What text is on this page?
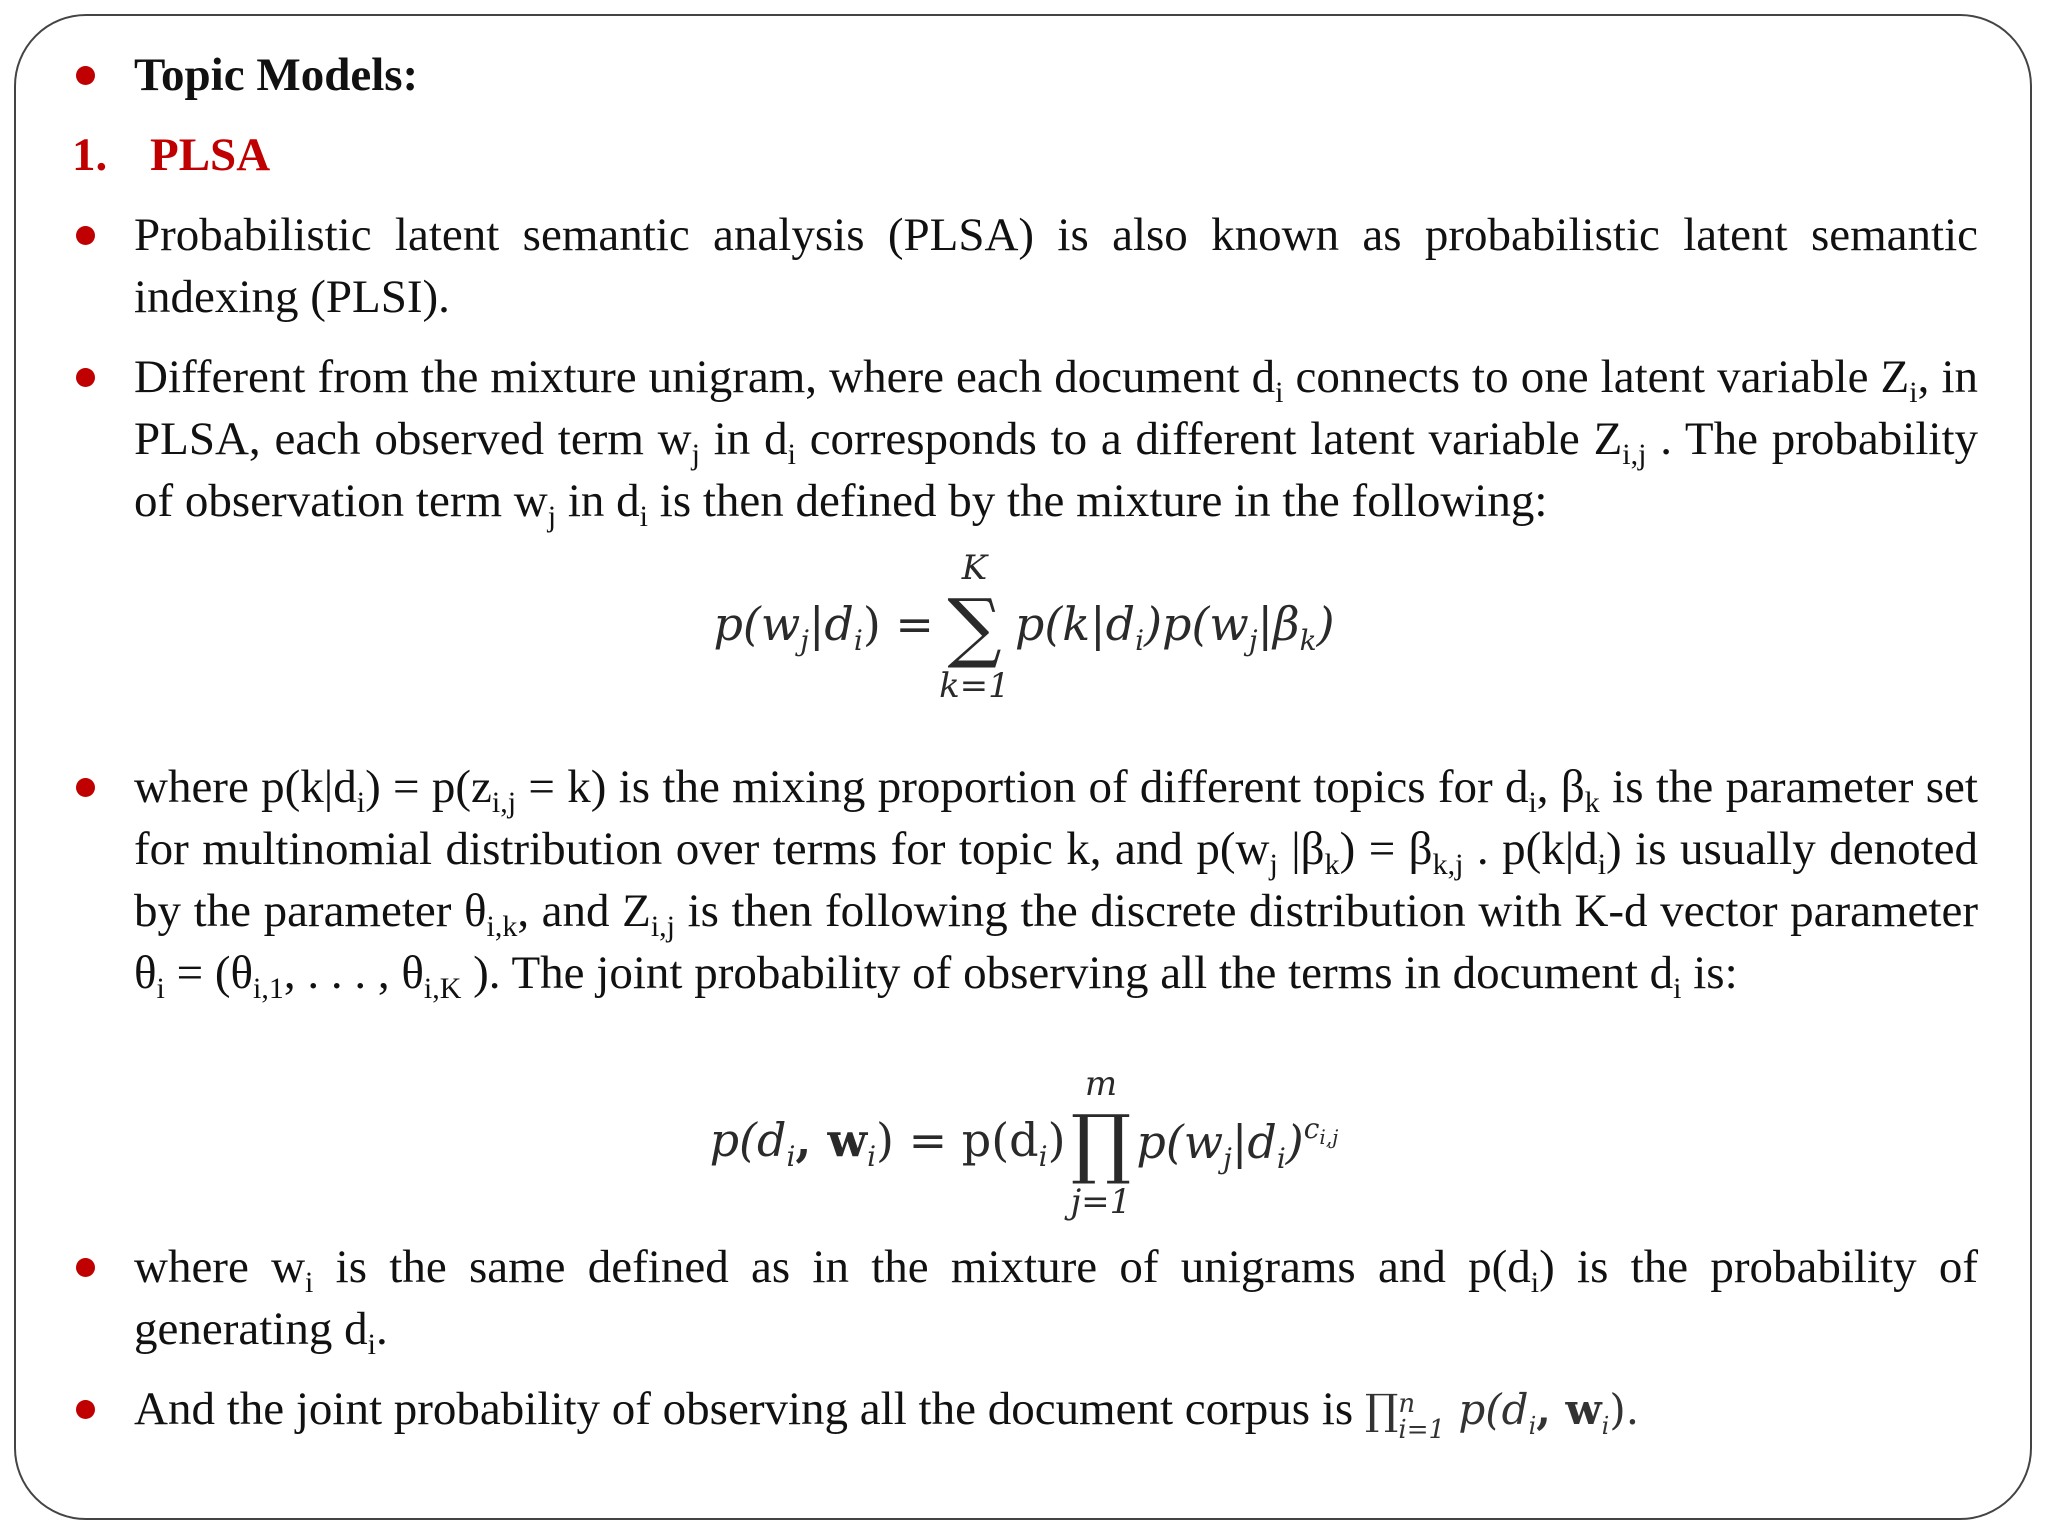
Topic Models:
1. PLSA
Probabilistic latent semantic analysis (PLSA) is also known as probabilistic latent semantic indexing (PLSI).
Different from the mixture unigram, where each document $d_i$ connects to one latent variable $Z_i$, in PLSA, each observed term $w_j$ in $d_i$ corresponds to a different latent variable $Z_{i,j}$ . The probability of observation term $w_j$ in $d_i$ is then defined by the mixture in the following:
$p(w_j|d_i)$ =
K
∑
k=1
$p(k|d_i)p(w_j|\beta_k)$
where $p(k|d_i) = p(z_{i,j} = k)$ is the mixing proportion of different topics for $d_i$, $\beta_k$ is the parameter set for multinomial distribution over terms for topic k, and $p(w_j$ $|\beta_k) = \beta_{k,j}$ . $p(k|d_i)$ is usually denoted by the parameter $\theta_{i,k}$, and $Z_{i,j}$ is then following the discrete distribution with K-d vector parameter $\theta_i = (\theta_{i,1}$, . . . , $\theta_{i,K}$ ). The joint probability of observing all the terms in document $d_i$ is:
$p(d_i$, $w_i) = p(d_i)$
m
∏
j=1
$p(w_j|d_i)^{ci,j}$
where $w_i$ is the same defined as in the mixture of unigrams and $p(d_i)$ is the probability of generating $d_i$.
And the joint probability of observing all the document corpus is ∏ n
i=1 $p(d_i$, $w_i$).
